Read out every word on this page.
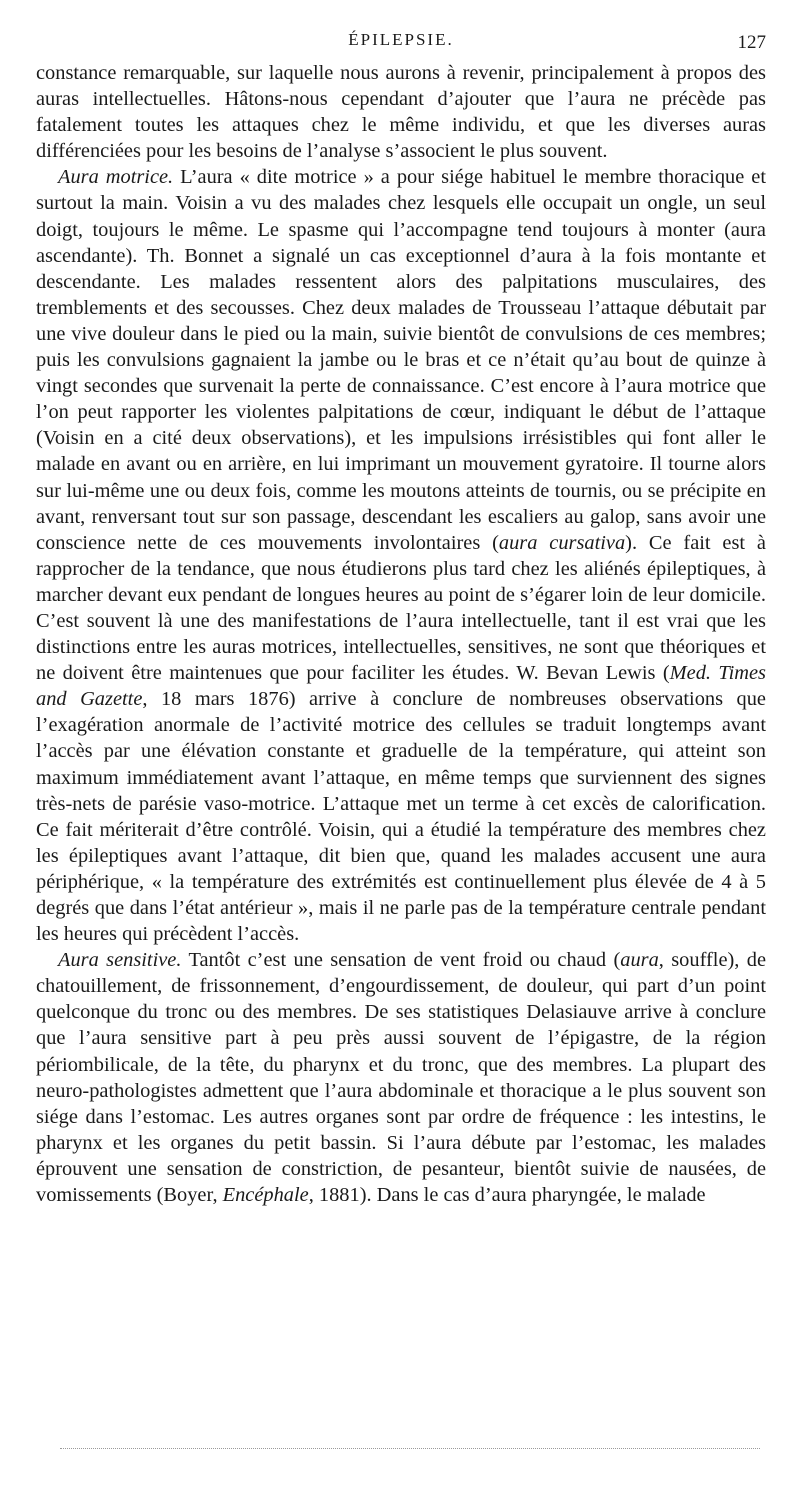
ÉPILEPSIE.	127

constance remarquable, sur laquelle nous aurons à revenir, principalement à propos des auras intellectuelles. Hâtons-nous cependant d’ajouter que l’aura ne précède pas fatalement toutes les attaques chez le même individu, et que les diverses auras différenciées pour les besoins de l’analyse s’associent le plus souvent.

Aura motrice. L’aura « dite motrice » a pour siége habituel le membre thoracique et surtout la main. Voisin a vu des malades chez lesquels elle occupait un ongle, un seul doigt, toujours le même. Le spasme qui l’accompagne tend toujours à monter (aura ascendante). Th. Bonnet a signalé un cas exceptionnel d’aura à la fois montante et descendante. Les malades ressentent alors des palpitations musculaires, des tremblements et des secousses. Chez deux malades de Trousseau l’attaque débutait par une vive douleur dans le pied ou la main, suivie bientôt de convulsions de ces membres; puis les convulsions gagnaient la jambe ou le bras et ce n’était qu’au bout de quinze à vingt secondes que survenait la perte de connaissance. C’est encore à l’aura motrice que l’on peut rapporter les violentes palpitations de cœur, indiquant le début de l’attaque (Voisin en a cité deux observations), et les impulsions irrésistibles qui font aller le malade en avant ou en arrière, en lui imprimant un mouvement gyratoire. Il tourne alors sur lui-même une ou deux fois, comme les moutons atteints de tournis, ou se précipite en avant, renversant tout sur son passage, descendant les escaliers au galop, sans avoir une conscience nette de ces mouvements involontaires (aura cursativa). Ce fait est à rapprocher de la tendance, que nous étudierons plus tard chez les aliénés épileptiques, à marcher devant eux pendant de longues heures au point de s’égarer loin de leur domicile. C’est souvent là une des manifestations de l’aura intellectuelle, tant il est vrai que les distinctions entre les auras motrices, intellectuelles, sensitives, ne sont que théoriques et ne doivent être maintenues que pour faciliter les études. W. Bevan Lewis (Med. Times and Gazette, 18 mars 1876) arrive à conclure de nombreuses observations que l’exagération anormale de l’activité motrice des cellules se traduit longtemps avant l’accès par une élévation constante et graduelle de la température, qui atteint son maximum immédiatement avant l’attaque, en même temps que surviennent des signes très-nets de parésie vaso-motrice. L’attaque met un terme à cet excès de calorification. Ce fait mériterait d’être contrôlé. Voisin, qui a étudié la température des membres chez les épileptiques avant l’attaque, dit bien que, quand les malades accusent une aura périphérique, « la température des extrémités est continuellement plus élevée de 4 à 5 degrés que dans l’état antérieur », mais il ne parle pas de la température centrale pendant les heures qui précèdent l’accès.

Aura sensitive. Tantôt c’est une sensation de vent froid ou chaud (aura, souffle), de chatouillement, de frissonnement, d’engourdissement, de douleur, qui part d’un point quelconque du tronc ou des membres. De ses statistiques Delasiauve arrive à conclure que l’aura sensitive part à peu près aussi souvent de l’épigastre, de la région périombilicale, de la tête, du pharynx et du tronc, que des membres. La plupart des neuro-pathologistes admettent que l’aura abdominale et thoracique a le plus souvent son siége dans l’estomac. Les autres organes sont par ordre de fréquence : les intestins, le pharynx et les organes du petit bassin. Si l’aura débute par l’estomac, les malades éprouvent une sensation de constriction, de pesanteur, bientôt suivie de nausées, de vomissements (Boyer, Encéphale, 1881). Dans le cas d’aura pharyngée, le malade
